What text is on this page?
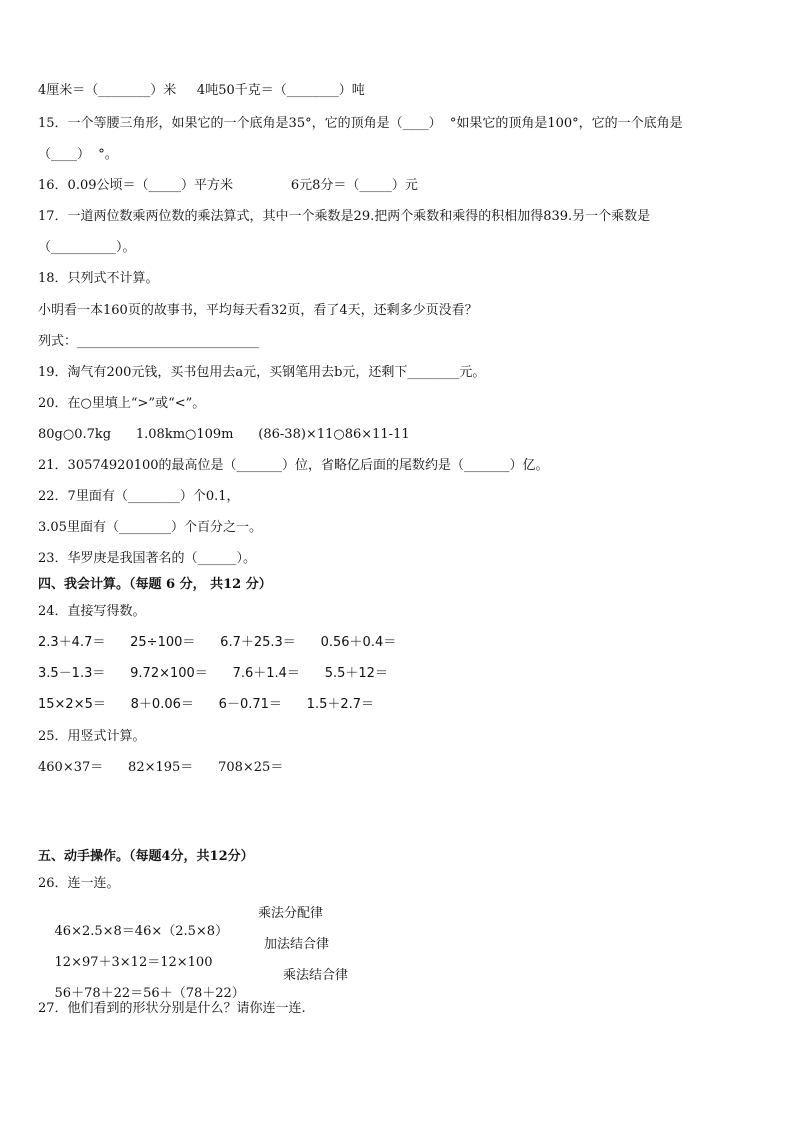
4厘米＝（________）米     4吨50千克＝（________）吨
15．一个等腰三角形，如果它的一个底角是35°，它的顶角是（____）  °如果它的顶角是100°，它的一个底角是
（____）  °。
16．0.09公顷＝（_____）平方米              6元8分＝（_____）元
17．一道两位数乘两位数的乘法算式，其中一个乘数是29.把两个乘数和乘得的积相加得839.另一个乘数是
（__________）。
18．只列式不计算。
小明看一本160页的故事书，平均每天看32页，看了4天，还剩多少页没看？
列式：____________________________
19．淘气有200元钱，买书包用去a元，买钢笔用去b元，还剩下________元。
20．在○里填上“>”或“<”。
80g○0.7kg      1.08km○109m      (86-38)×11○86×11-11
21．30574920100的最高位是（_______）位，省略亿后面的尾数约是（_______）亿。
22．7里面有（________）个0.1，
3.05里面有（________）个百分之一。
23．华罗庚是我国著名的（______）。
四、我会计算。（每题 6 分， 共12 分）
24．直接写得数。
2.3＋4.7＝      25÷100＝      6.7＋25.3＝      0.56＋0.4＝
3.5－1.3＝      9.72×100＝      7.6＋1.4＝      5.5＋12＝
15×2×5＝      8＋0.06＝      6－0.71＝      1.5＋2.7＝
25．用竖式计算。
460×37＝      82×195＝      708×25＝
五、动手操作。（每题4分，共12分）
26．连一连。

46×2.5×8＝46×（2.5×8）

乘法分配律

12×97＋3×12＝12×100

加法结合律

56＋78＋22＝56＋（78＋22）

乘法结合律
27．他们看到的形状分别是什么？请你连一连.
